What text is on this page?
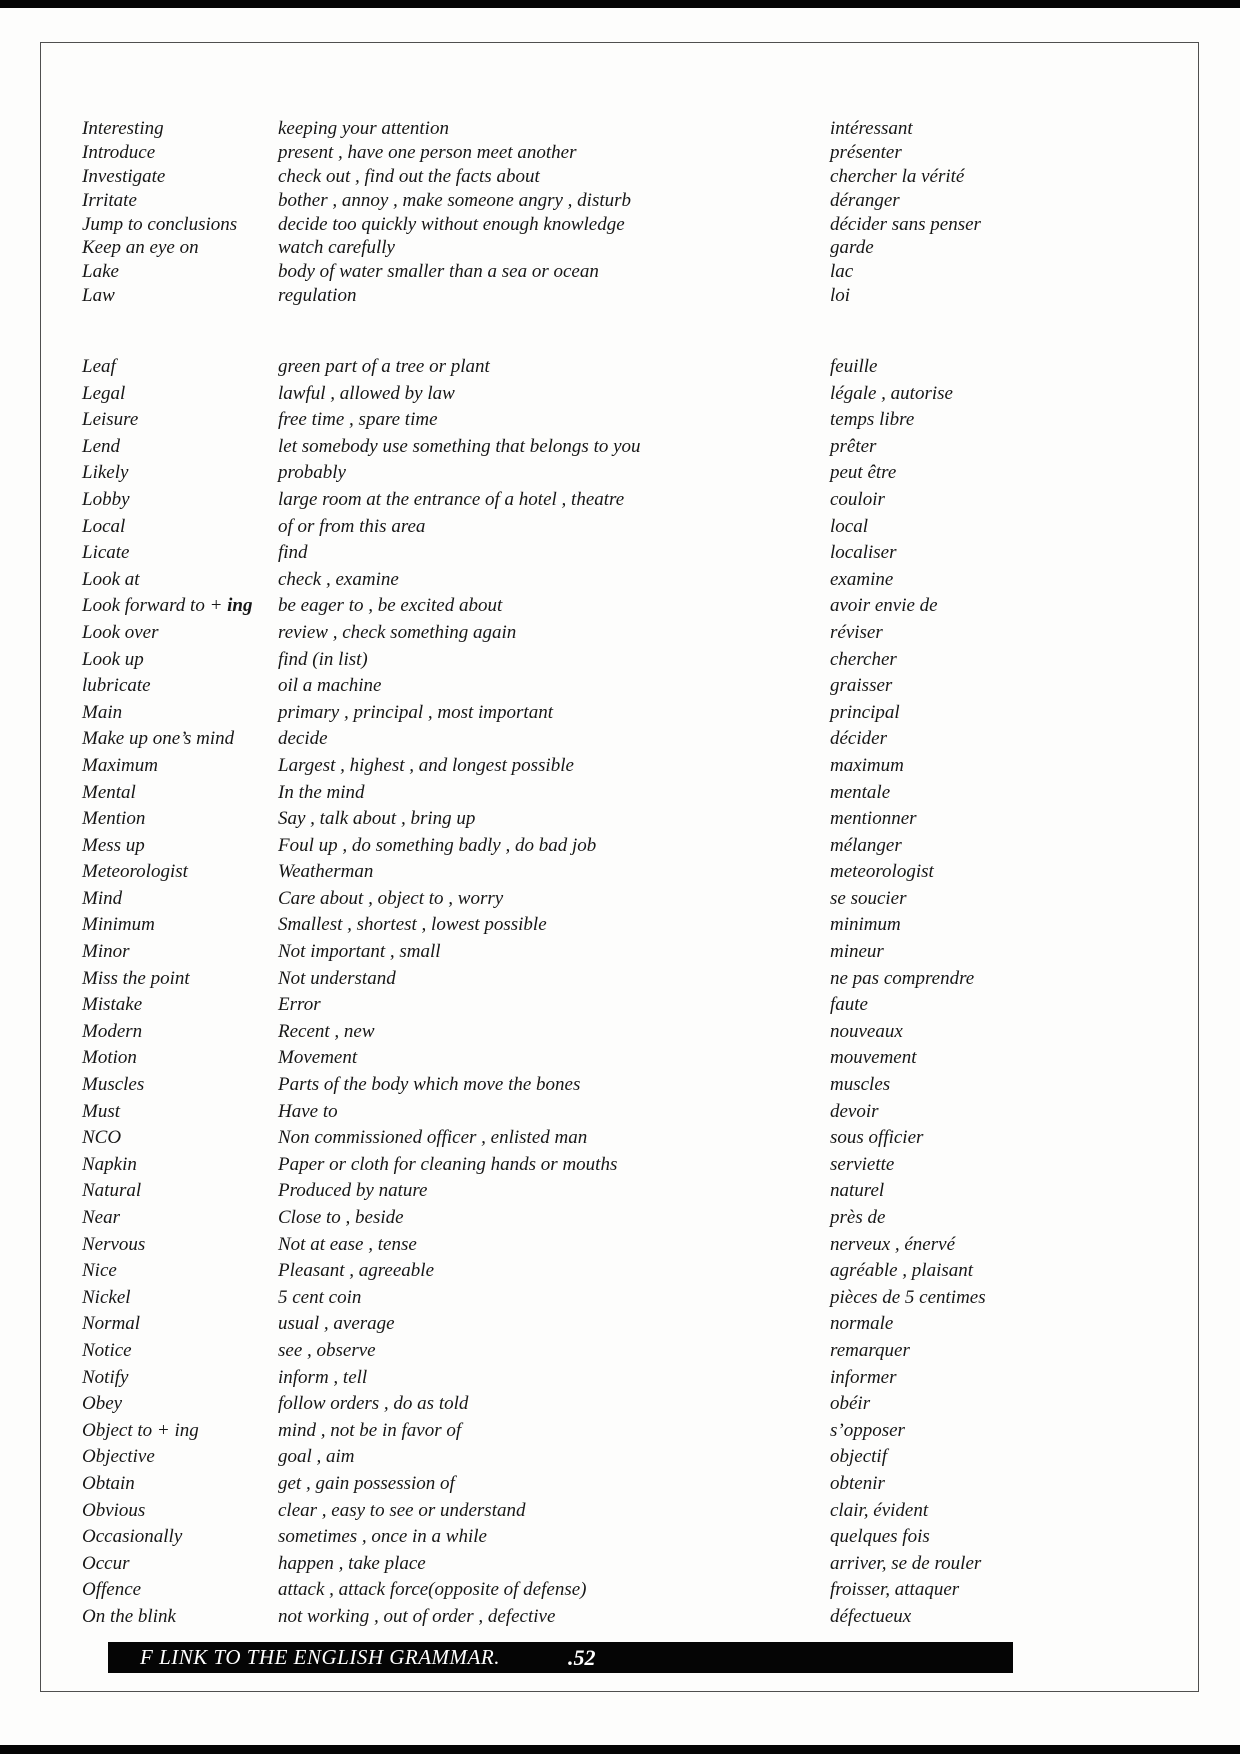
Interesting	keeping your attention	intéressant
Introduce	present , have one person meet another	présenter
Investigate	check out , find out the facts about	chercher la vérité
Irritate	bother , annoy , make someone angry , disturb	déranger
Jump to conclusions	decide too quickly without enough knowledge	décider sans penser
Keep an eye on	watch carefully	garde
Lake	body of water smaller than a sea or ocean	lac
Law	regulation	loi
Leaf	green part of a tree or plant	feuille
Legal	lawful , allowed by law	légale , autorise
Leisure	free time , spare time	temps libre
Lend	let somebody use something that belongs to you	prêter
Likely	probably	peut être
Lobby	large room at the entrance of a hotel , theatre	couloir
Local	of or from this area	local
Licate	find	localiser
Look at	check , examine	examine
Look forward to + ing	be eager to , be excited about	avoir envie de
Look over	review , check something again	réviser
Look up	find (in list)	chercher
lubricate	oil a machine	graisser
Main	primary , principal , most important	principal
Make up one’s mind	decide	décider
Maximum	Largest , highest , and longest possible	maximum
Mental	In the mind	mentale
Mention	Say , talk about , bring up	mentionner
Mess up	Foul up , do something badly , do bad job	mélanger
Meteorologist	Weatherman	meteorologist
Mind	Care about , object to , worry	se soucier
Minimum	Smallest , shortest , lowest possible	minimum
Minor	Not important , small	mineur
Miss the point	Not understand	ne pas comprendre
Mistake	Error	faute
Modern	Recent , new	nouveaux
Motion	Movement	mouvement
Muscles	Parts of the body which move the bones	muscles
Must	Have to	devoir
NCO	Non commissioned officer , enlisted man	sous officier
Napkin	Paper or cloth for cleaning hands or mouths	serviette
Natural	Produced by nature	naturel
Near	Close to , beside	près de
Nervous	Not at ease , tense	nerveux , énervé
Nice	Pleasant , agreeable	agréable , plaisant
Nickel	5 cent coin	pièces de 5 centimes
Normal	usual , average	normale
Notice	see , observe	remarquer
Notify	inform , tell	informer
Obey	follow orders , do as told	obéir
Object to + ing	mind , not be in favor of	s’opposer
Objective	goal , aim	objectif
Obtain	get , gain possession of	obtenir
Obvious	clear , easy to see or understand	clair, évident
Occasionally	sometimes , once in a while	quelques fois
Occur	happen , take place	arriver, se de rouler
Offence	attack , attack force(opposite of defense)	froisser, attaquer
On the blink	not working , out of order , defective	défectueux
F LINK TO THE ENGLISH GRAMMAR.	.52
